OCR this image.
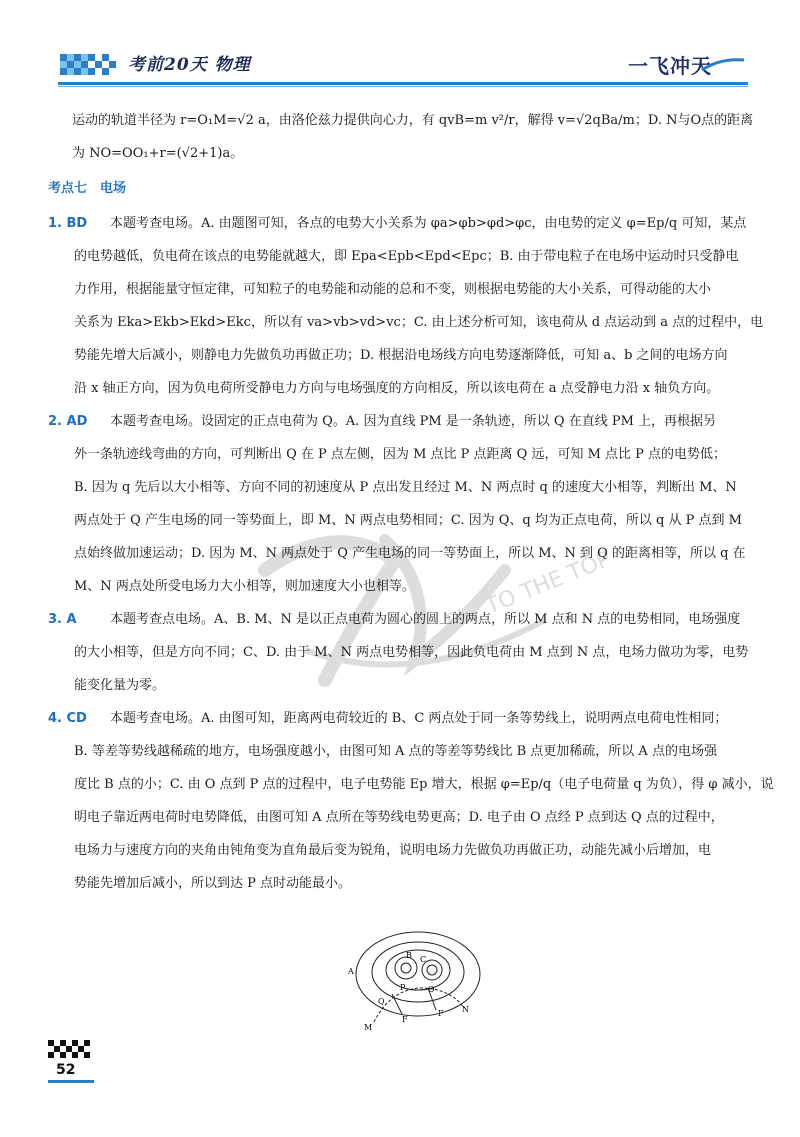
考前20天 物理	一飞冲天
FLY TO THE TOP
运动的轨道半径为 r=O₁M=√2 a，由洛伦兹力提供向心力，有 qvB=m v²/r，解得 v=√2qBa/m；D. N与O点的距离
为 NO=OO₁+r=(√2+1)a。
考点七　电场
1. BD	本题考查电场。A. 由题图可知，各点的电势大小关系为 φa>φb>φd>φc，由电势的定义 φ=Ep/q 可知，某点
的电势越低，负电荷在该点的电势能就越大，即 Epa<Epb<Epd<Epc；B. 由于带电粒子在电场中运动时只受静电
力作用，根据能量守恒定律，可知粒子的电势能和动能的总和不变，则根据电势能的大小关系，可得动能的大小
关系为 Eka>Ekb>Ekd>Ekc，所以有 va>vb>vd>vc；C. 由上述分析可知，该电荷从 d 点运动到 a 点的过程中，电
势能先增大后减小，则静电力先做负功再做正功；D. 根据沿电场线方向电势逐渐降低，可知 a、b 之间的电场方向
沿 x 轴正方向，因为负电荷所受静电力方向与电场强度的方向相反，所以该电荷在 a 点受静电力沿 x 轴负方向。
2. AD	本题考查电场。设固定的正点电荷为 Q。A. 因为直线 PM 是一条轨迹，所以 Q 在直线 PM 上，再根据另
外一条轨迹线弯曲的方向，可判断出 Q 在 P 点左侧，因为 M 点比 P 点距离 Q 远，可知 M 点比 P 点的电势低；
B. 因为 q 先后以大小相等、方向不同的初速度从 P 点出发且经过 M、N 两点时 q 的速度大小相等，判断出 M、N
两点处于 Q 产生电场的同一等势面上，即 M、N 两点电势相同；C. 因为 Q、q 均为正点电荷，所以 q 从 P 点到 M
点始终做加速运动；D. 因为 M、N 两点处于 Q 产生电场的同一等势面上，所以 M、N 到 Q 的距离相等，所以 q 在
M、N 两点处所受电场力大小相等，则加速度大小也相等。
3. A	本题考查点电场。A、B. M、N 是以正点电荷为圆心的圆上的两点，所以 M 点和 N 点的电势相同，电场强度
的大小相等，但是方向不同；C、D. 由于 M、N 两点电势相等，因此负电荷由 M 点到 N 点，电场力做功为零，电势
能变化量为零。
4. CD	本题考查电场。A. 由图可知，距离两电荷较近的 B、C 两点处于同一条等势线上，说明两点电荷电性相同；
B. 等差等势线越稀疏的地方，电场强度越小，由图可知 A 点的等差等势线比 B 点更加稀疏，所以 A 点的电场强
度比 B 点的小；C. 由 O 点到 P 点的过程中，电子电势能 Ep 增大，根据 φ=Ep/q（电子电荷量 q 为负），得 φ 减小，说
明电子靠近两电荷时电势降低，由图可知 A 点所在等势线电势更高；D. 电子由 O 点经 P 点到达 Q 点的过程中，
电场力与速度方向的夹角由钝角变为直角最后变为锐角，说明电场力先做负功再做正功，动能先减小后增加，电
势能先增加后减小，所以到达 P 点时动能最小。
A
B C
O
P
Q
M
N
F
F
52
